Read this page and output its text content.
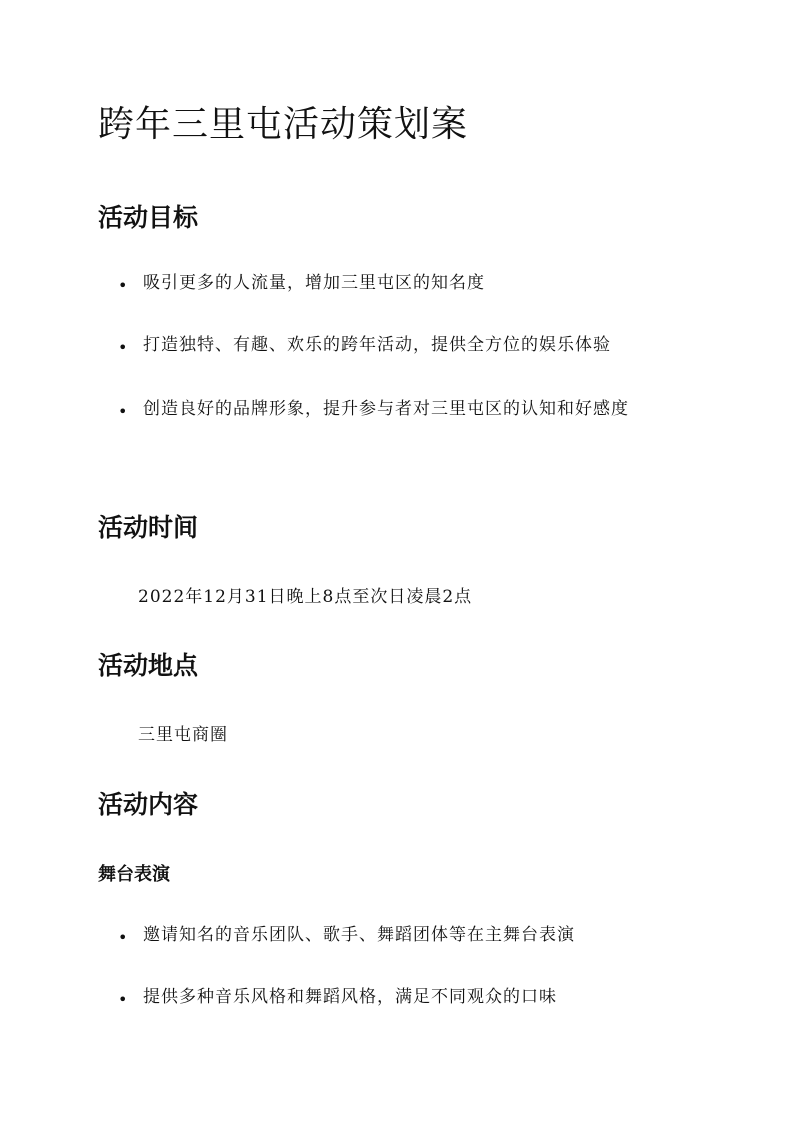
跨年三里屯活动策划案
活动目标
• 吸引更多的人流量，增加三里屯区的知名度

• 打造独特、有趣、欢乐的跨年活动，提供全方位的娱乐体验

• 创造良好的品牌形象，提升参与者对三里屯区的认知和好感度

活动时间

2022年12月31日晚上8点至次日凌晨2点

活动地点

三里屯商圈

活动内容
舞台表演
• 邀请知名的音乐团队、歌手、舞蹈团体等在主舞台表演

• 提供多种音乐风格和舞蹈风格，满足不同观众的口味
